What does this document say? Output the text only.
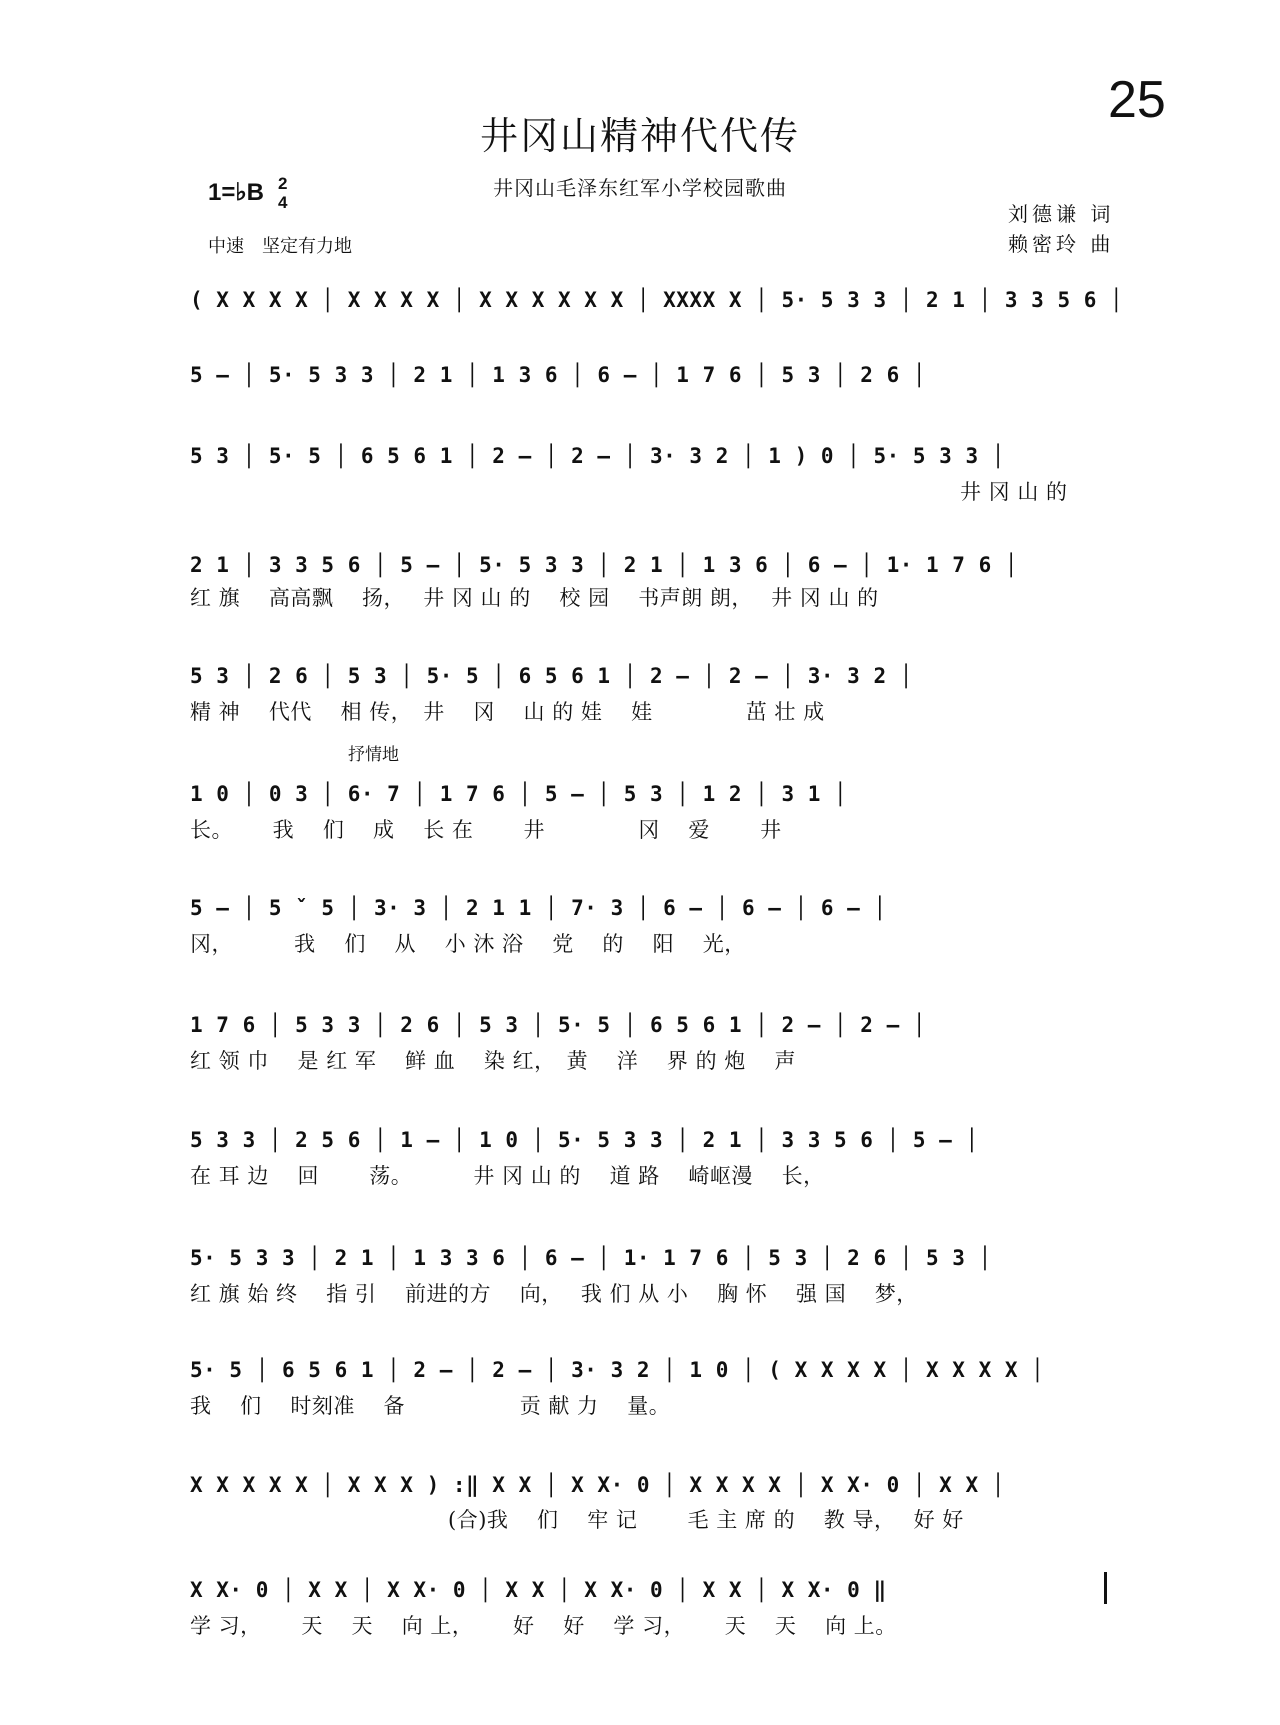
25
井冈山精神代代传
井冈山毛泽东红军小学校园歌曲
1=♭B 2
4
中速　坚定有力地
刘德谦 词
赖密玲 曲
抒情地
( X X X X │ X X X X │ X X X X X X │ XXXX X │ 5· 5 3 3 │ 2 1 │ 3 3 5 6 │
5 – │ 5· 5 3 3 │ 2 1 │ 1 3 6 │ 6 – │ 1 7 6 │ 5 3 │ 2 6 │
5 3 │ 5· 5 │ 6 5 6 1 │ 2 – │ 2 – │ 3· 3 2 │ 1 ) 0 │ 5· 5 3 3 │
井 冈 山 的
2 1 │ 3 3 5 6 │ 5 – │ 5· 5 3 3 │ 2 1 │ 1 3 6 │ 6 – │ 1· 1 7 6 │
红 旗　 高高飘　 扬，　 井 冈 山 的　 校 园　 书声朗 朗，　 井 冈 山 的
5 3 │ 2 6 │ 5 3 │ 5· 5 │ 6 5 6 1 │ 2 – │ 2 – │ 3· 3 2 │
精 神　 代代　 相 传，　井　 冈　 山 的 娃　 娃　　　　 茁 壮 成
1 0 │ 0 3 │ 6· 7 │ 1 7 6 │ 5 – │ 5 3 │ 1 2 │ 3 1 │
长。　　 我　 们　 成　 长 在　　 井　　　　 冈　 爱　　 井
5 – │ 5 ˇ 5 │ 3· 3 │ 2 1 1 │ 7· 3 │ 6 – │ 6 – │ 6 – │
冈，　　　 我　 们　 从　 小 沐 浴　 党　 的　 阳　 光，
1 7 6 │ 5 3 3 │ 2 6 │ 5 3 │ 5· 5 │ 6 5 6 1 │ 2 – │ 2 – │
红 领 巾　 是 红 军　 鲜 血　 染 红，　黄　 洋　 界 的 炮　 声
5 3 3 │ 2 5 6 │ 1 – │ 1 0 │ 5· 5 3 3 │ 2 1 │ 3 3 5 6 │ 5 – │
在 耳 边　 回　　 荡。　　　 井 冈 山 的　 道 路　 崎岖漫　 长，
5· 5 3 3 │ 2 1 │ 1 3 3 6 │ 6 – │ 1· 1 7 6 │ 5 3 │ 2 6 │ 5 3 │
红 旗 始 终　 指 引　 前进的方　 向，　 我 们 从 小　 胸 怀　 强 国　 梦，
5· 5 │ 6 5 6 1 │ 2 – │ 2 – │ 3· 3 2 │ 1 0 │ ( X X X X │ X X X X │
我　 们　 时刻准　 备　　　　　 贡 献 力　 量。
X X X X X │ X X X ) :‖ X X │ X X· 0 │ X X X X │ X X· 0 │ X X │
　　　　　　　　　　　　(合)我　 们　 牢 记　　 毛 主 席 的　 教 导，　 好 好
X X· 0 │ X X │ X X· 0 │ X X │ X X· 0 │ X X │ X X· 0 ‖
学 习，　　 天　 天　 向 上，　　 好　 好　 学 习，　　 天　 天　 向 上。
